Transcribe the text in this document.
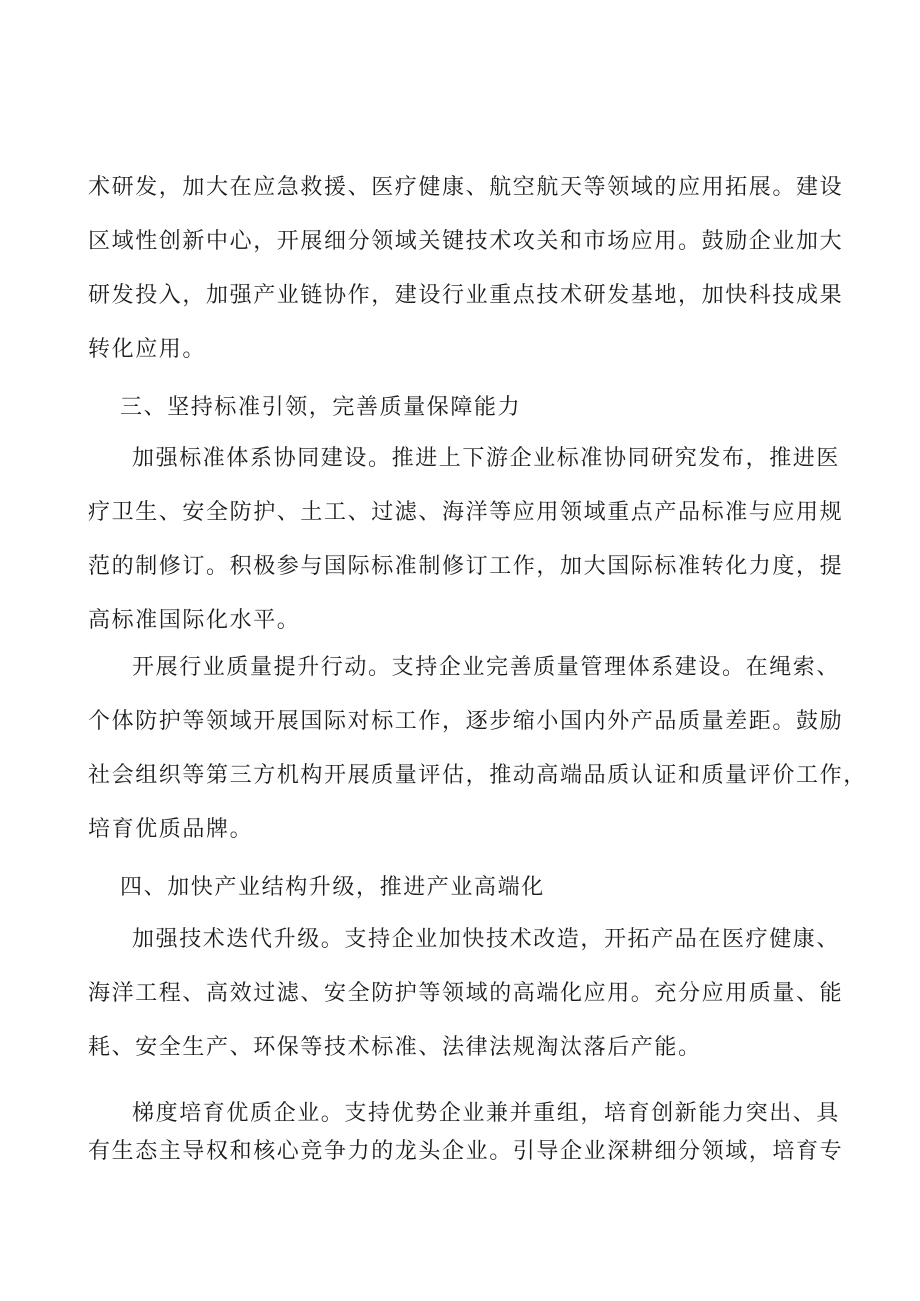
术研发，加大在应急救援、医疗健康、航空航天等领域的应用拓展。建设
区域性创新中心，开展细分领域关键技术攻关和市场应用。鼓励企业加大
研发投入，加强产业链协作，建设行业重点技术研发基地，加快科技成果
转化应用。
三、坚持标准引领，完善质量保障能力
加强标准体系协同建设。推进上下游企业标准协同研究发布，推进医
疗卫生、安全防护、土工、过滤、海洋等应用领域重点产品标准与应用规
范的制修订。积极参与国际标准制修订工作，加大国际标准转化力度，提
高标准国际化水平。
开展行业质量提升行动。支持企业完善质量管理体系建设。在绳索、
个体防护等领域开展国际对标工作，逐步缩小国内外产品质量差距。鼓励
社会组织等第三方机构开展质量评估，推动高端品质认证和质量评价工作，
培育优质品牌。
四、加快产业结构升级，推进产业高端化
加强技术迭代升级。支持企业加快技术改造，开拓产品在医疗健康、
海洋工程、高效过滤、安全防护等领域的高端化应用。充分应用质量、能
耗、安全生产、环保等技术标准、法律法规淘汰落后产能。
梯度培育优质企业。支持优势企业兼并重组，培育创新能力突出、具
有生态主导权和核心竞争力的龙头企业。引导企业深耕细分领域，培育专
